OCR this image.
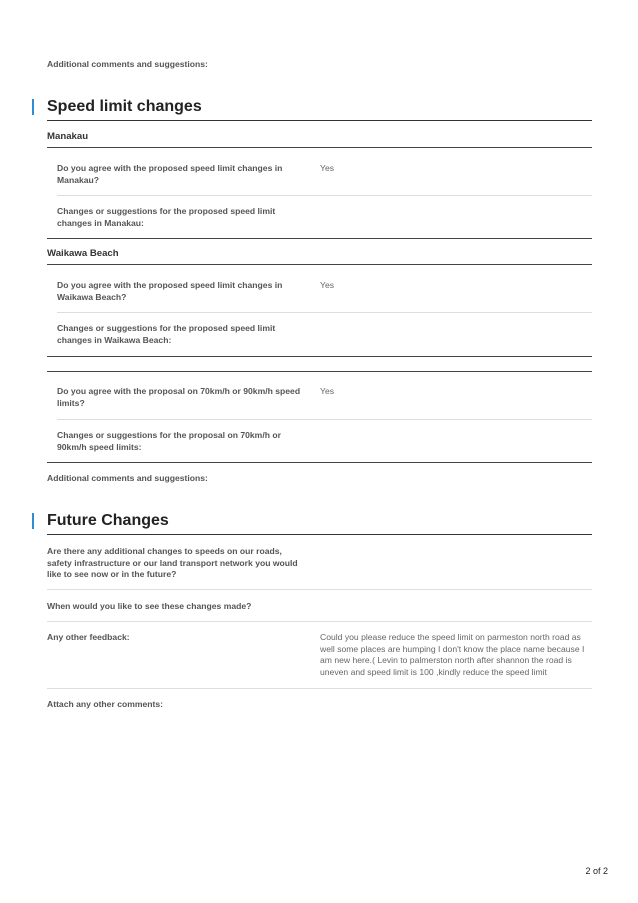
Additional comments and suggestions:
Speed limit changes
Manakau
Do you agree with the proposed speed limit changes in Manakau?
Yes
Changes or suggestions for the proposed speed limit changes in Manakau:
Waikawa Beach
Do you agree with the proposed speed limit changes in Waikawa Beach?
Yes
Changes or suggestions for the proposed speed limit changes in Waikawa Beach:
Do you agree with the proposal on 70km/h or 90km/h speed limits?
Yes
Changes or suggestions for the proposal on 70km/h or 90km/h speed limits:
Additional comments and suggestions:
Future Changes
Are there any additional changes to speeds on our roads, safety infrastructure or our land transport network you would like to see now or in the future?
When would you like to see these changes made?
Any other feedback:	Could you please reduce the speed limit on parmeston north road as well some places are humping I don't know the place name because I am new here.( Levin to palmerston north after shannon the road is uneven and speed limit is 100 ,kindly reduce the speed limit
Attach any other comments:
2 of 2
